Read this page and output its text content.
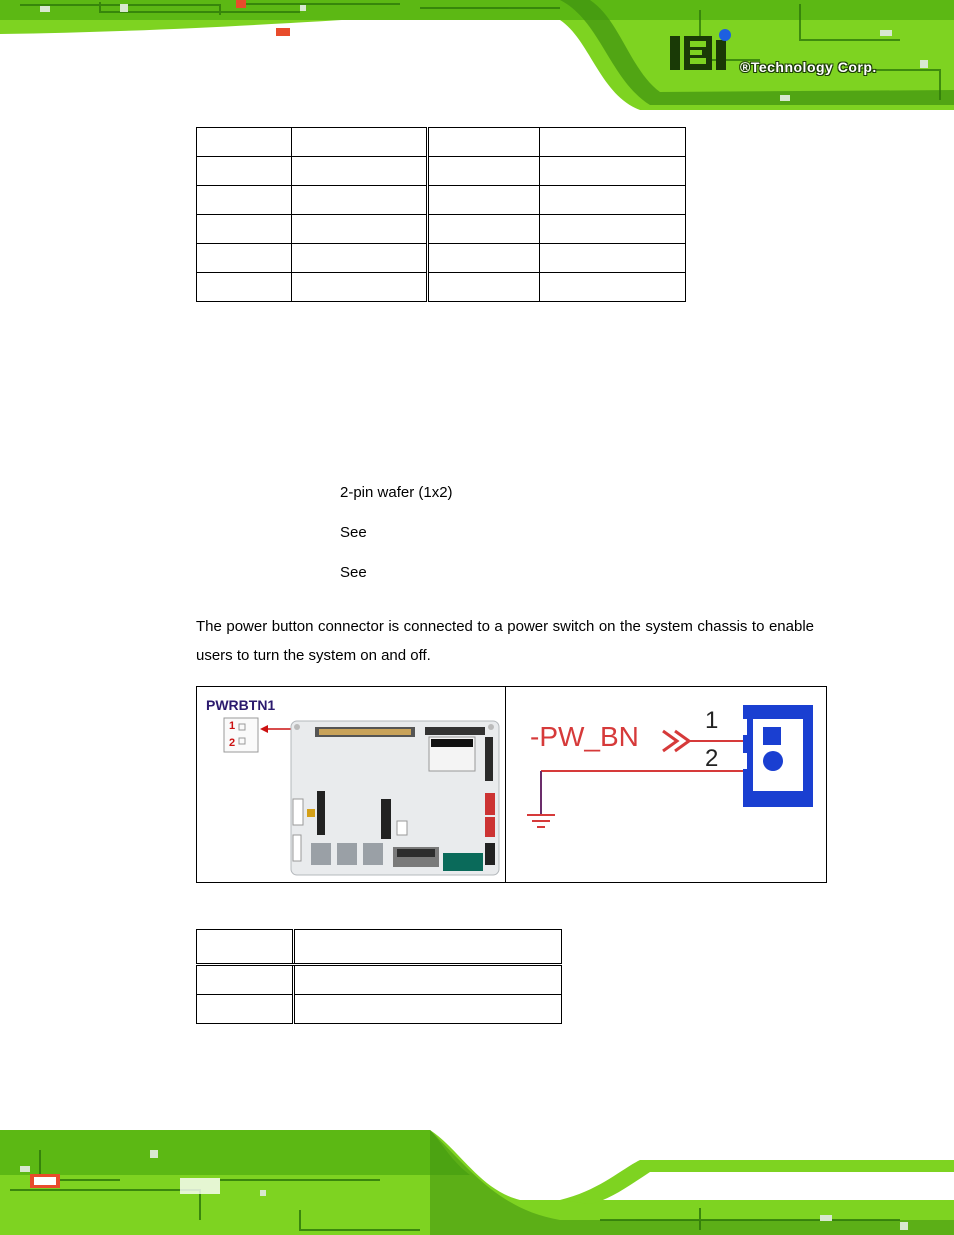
®Technology Corp.

2-pin wafer (1x2)
See
See
The power button connector is connected to a power switch on the system chassis to enable users to turn the system on and off.
PWRBTN1
1
2	-PW_BN
1
2
